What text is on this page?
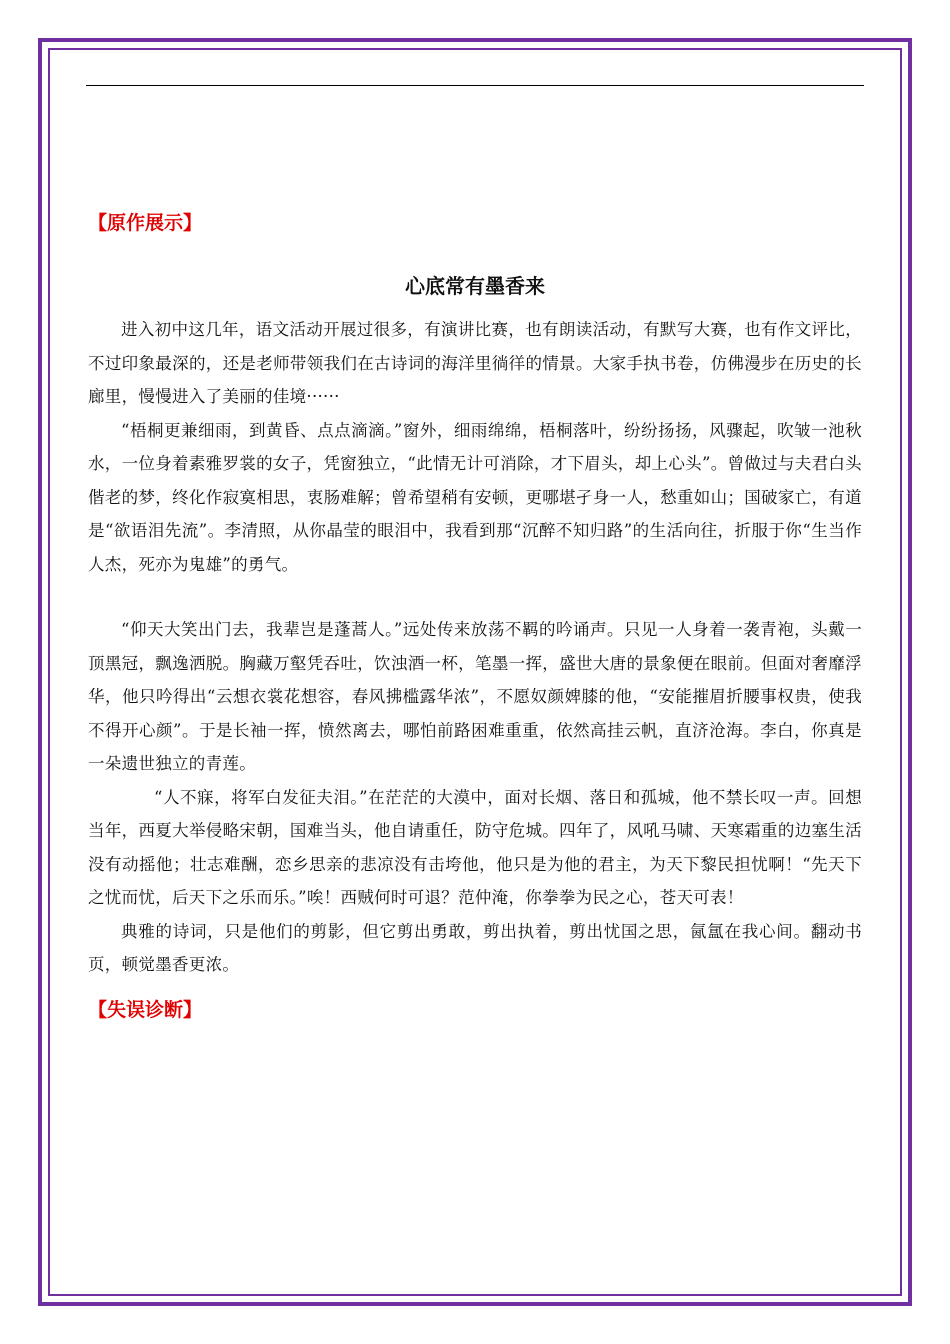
【原作展示】

心底常有墨香来

进入初中这几年，语文活动开展过很多，有演讲比赛，也有朗读活动，有默写大赛，也有作文评比，不过印象最深的，还是老师带领我们在古诗词的海洋里徜徉的情景。大家手执书卷，仿佛漫步在历史的长廊里，慢慢进入了美丽的佳境······

“梧桐更兼细雨，到黄昏、点点滴滴。”窗外，细雨绵绵，梧桐落叶，纷纷扬扬，风骤起，吹皱一池秋水，一位身着素雅罗裳的女子，凭窗独立，“此情无计可消除，才下眉头，却上心头”。曾做过与夫君白头偕老的梦，终化作寂寞相思，衷肠难解；曾希望稍有安顿，更哪堪孑身一人，愁重如山；国破家亡，有道是“欲语泪先流”。李清照，从你晶莹的眼泪中，我看到那“沉醉不知归路”的生活向往，折服于你“生当作人杰，死亦为鬼雄”的勇气。

“仰天大笑出门去，我辈岂是蓬蒿人。”远处传来放荡不羁的吟诵声。只见一人身着一袭青袍，头戴一顶黑冠，飘逸洒脱。胸藏万壑凭吞吐，饮浊酒一杯，笔墨一挥，盛世大唐的景象便在眼前。但面对奢靡浮华，他只吟得出“云想衣裳花想容，春风拂槛露华浓”，不愿奴颜婢膝的他，“安能摧眉折腰事权贵，使我不得开心颜”。于是长袖一挥，愤然离去，哪怕前路困难重重，依然高挂云帆，直济沧海。李白，你真是一朵遗世独立的青莲。

“人不寐，将军白发征夫泪。”在茫茫的大漠中，面对长烟、落日和孤城，他不禁长叹一声。回想当年，西夏大举侵略宋朝，国难当头，他自请重任，防守危城。四年了，风吼马啸、天寒霜重的边塞生活没有动摇他；壮志难酬，恋乡思亲的悲凉没有击垮他，他只是为他的君主，为天下黎民担忧啊！“先天下之忧而忧，后天下之乐而乐。”唉！西贼何时可退？范仲淹，你拳拳为民之心，苍天可表！

典雅的诗词，只是他们的剪影，但它剪出勇敢，剪出执着，剪出忧国之思，氤氲在我心间。翻动书页，顿觉墨香更浓。

【失误诊断】
